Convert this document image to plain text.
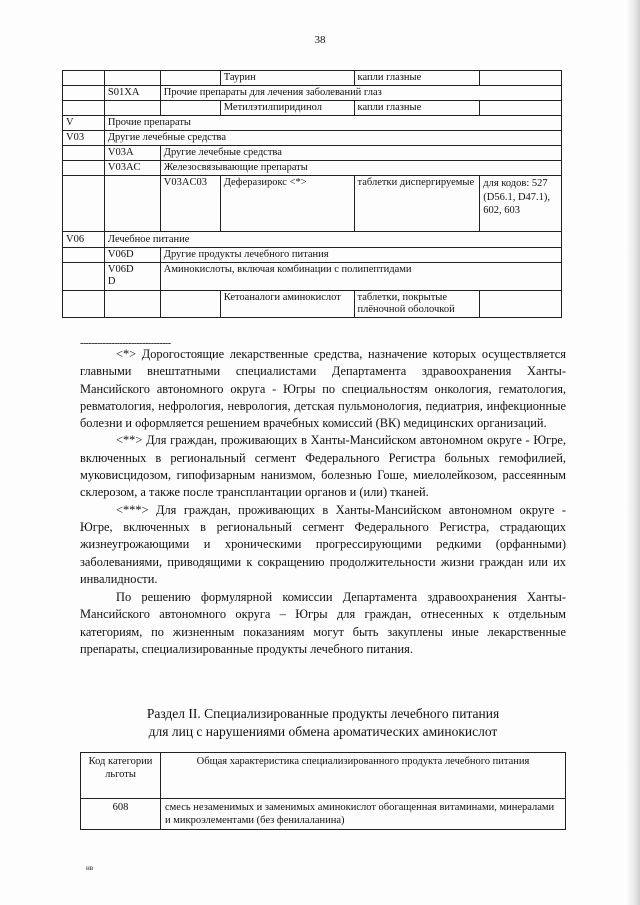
38
			Таурин	капли глазные	
	S01XA	Прочие препараты для лечения заболеваний глаз			
			Метилэтилпиридинол	капли глазные	
V	Прочие препараты				
V03	Другие лечебные средства				
	V03A	Другие лечебные средства			
	V03AC	Железосвязывающие препараты			
		V03AC03	Деферазирокс <*>	таблетки диспергируемые	для кодов: 527 (D56.1, D47.1), 602, 603
V06	Лечебное питание				
	V06D	Другие продукты лечебного питания			
	V06D D	Аминокислоты, включая комбинации с полипептидами			
			Кетоаналоги аминокислот	таблетки, покрытые плёночной оболочкой	
--------------------------------

<*> Дорогостоящие лекарственные средства, назначение которых осуществляется главными внештатными специалистами Департамента здравоохранения Ханты-Мансийского автономного округа - Югры по специальностям онкология, гематология, ревматология, нефрология, неврология, детская пульмонология, педиатрия, инфекционные болезни и оформляется решением врачебных комиссий (ВК) медицинских организаций.

<**> Для граждан, проживающих в Ханты-Мансийском автономном округе - Югре, включенных в региональный сегмент Федерального Регистра больных гемофилией, муковисцидозом, гипофизарным нанизмом, болезнью Гоше, миелолейкозом, рассеянным склерозом, а также после трансплантации органов и (или) тканей.

<***> Для граждан, проживающих в Ханты-Мансийском автономном округе - Югре, включенных в региональный сегмент Федерального Регистра, страдающих жизнеугрожающими и хроническими прогрессирующими редкими (орфанными) заболеваниями, приводящими к сокращению продолжительности жизни граждан или их инвалидности.

По решению формулярной комиссии Департамента здравоохранения Ханты-Мансийского автономного округа – Югры для граждан, отнесенных к отдельным категориям, по жизненным показаниям могут быть закуплены иные лекарственные препараты, специализированные продукты лечебного питания.

Раздел II. Специализированные продукты лечебного питания
для лиц с нарушениями обмена ароматических аминокислот
Код категории льготы	Общая характеристика специализированного продукта лечебного питания
608	смесь незаменимых и заменимых аминокислот обогащенная витаминами, минералами и микроэлементами (без фенилаланина)
нв
